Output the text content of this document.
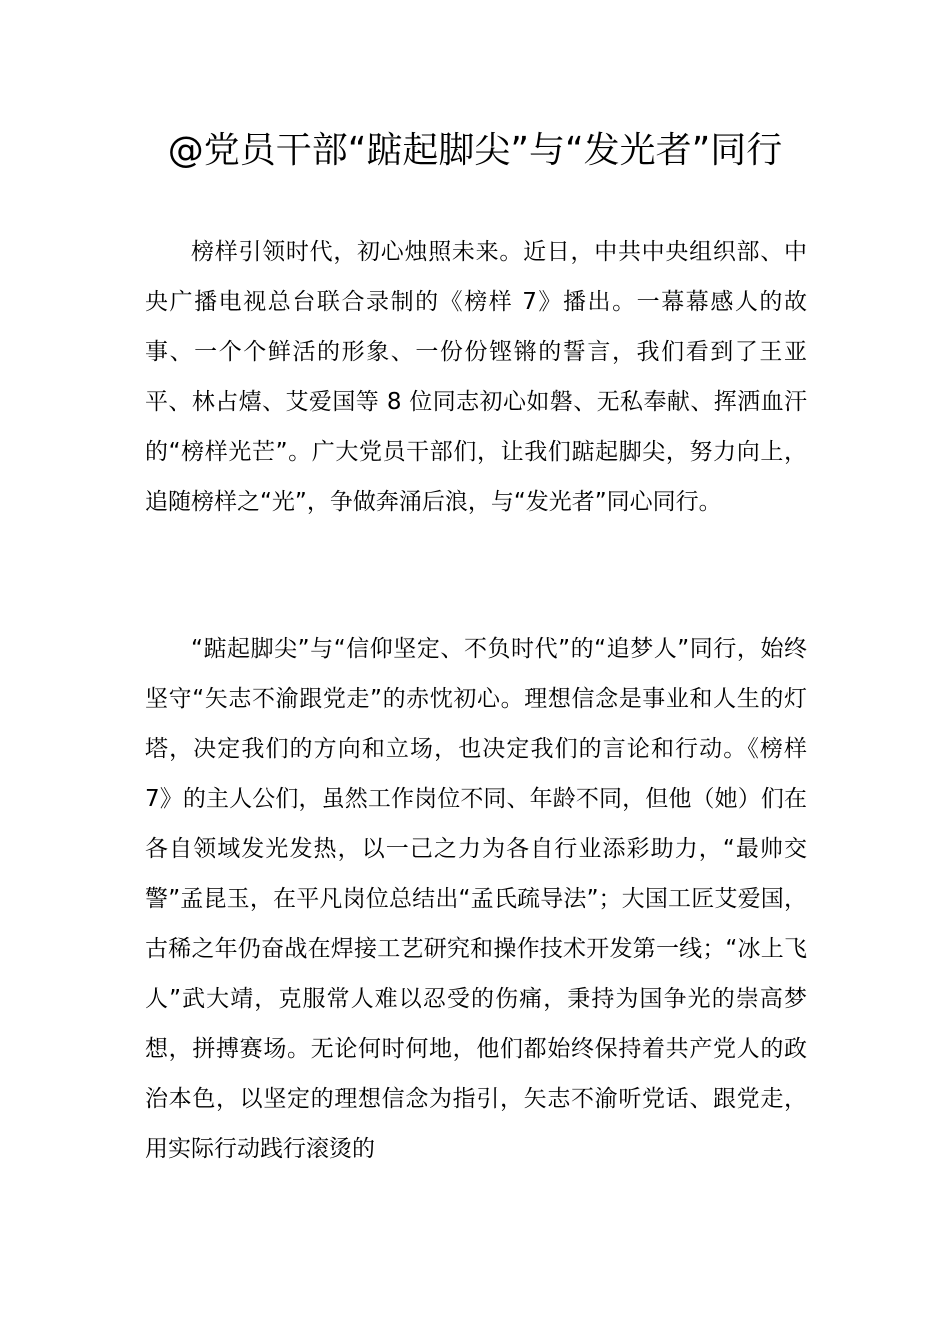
@党员干部“踮起脚尖”与“发光者”同行

榜样引领时代，初心烛照未来。近日，中共中央组织部、中央广播电视总台联合录制的《榜样 7》播出。一幕幕感人的故事、一个个鲜活的形象、一份份铿锵的誓言，我们看到了王亚平、林占熺、艾爱国等 8 位同志初心如磐、无私奉献、挥洒血汗的“榜样光芒”。广大党员干部们，让我们踮起脚尖，努力向上，追随榜样之“光”，争做奔涌后浪，与“发光者”同心同行。

“踮起脚尖”与“信仰坚定、不负时代”的“追梦人”同行，始终坚守“矢志不渝跟党走”的赤忱初心。理想信念是事业和人生的灯塔，决定我们的方向和立场，也决定我们的言论和行动。《榜样 7》的主人公们，虽然工作岗位不同、年龄不同，但他（她）们在各自领域发光发热，以一己之力为各自行业添彩助力，“最帅交警”孟昆玉，在平凡岗位总结出“孟氏疏导法”；大国工匠艾爱国，古稀之年仍奋战在焊接工艺研究和操作技术开发第一线；“冰上飞人”武大靖，克服常人难以忍受的伤痛，秉持为国争光的崇高梦想，拼搏赛场。无论何时何地，他们都始终保持着共产党人的政治本色，以坚定的理想信念为指引，矢志不渝听党话、跟党走，用实际行动践行滚烫的
